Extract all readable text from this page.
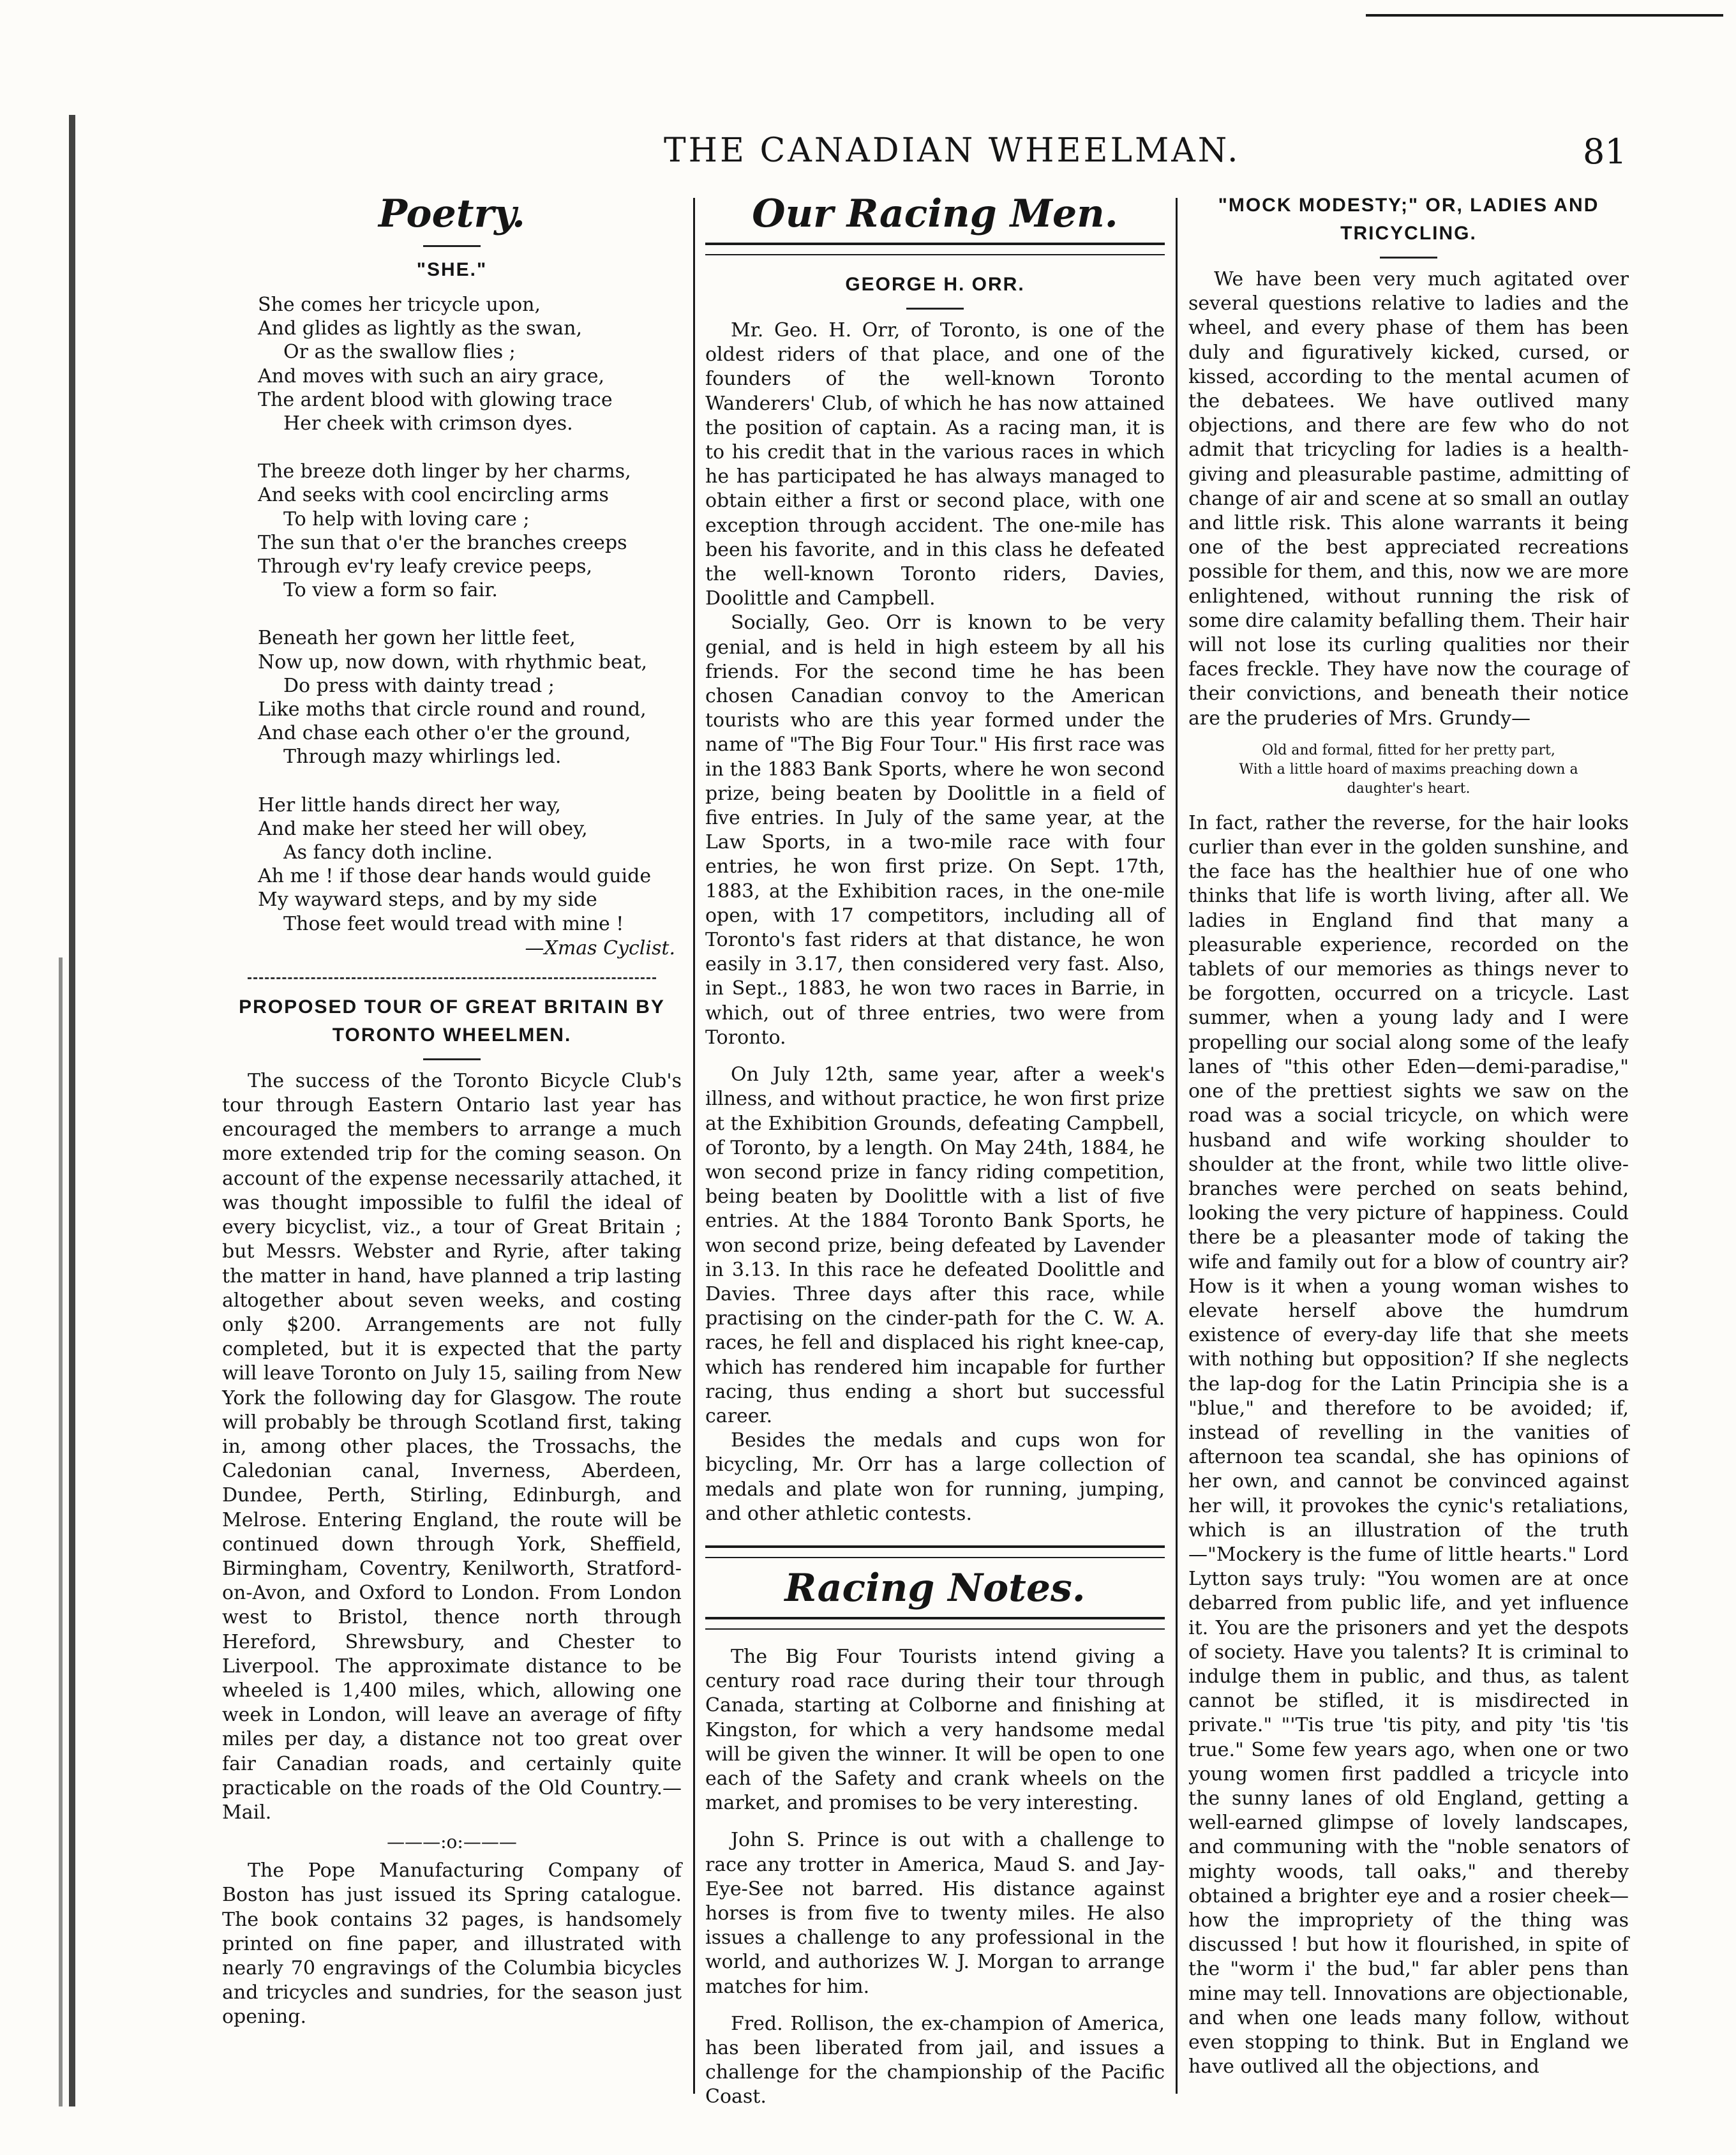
THE CANADIAN WHEELMAN.	81
Poetry.
"SHE."
She comes her tricycle upon,
And glides as lightly as the swan,
Or as the swallow flies ;
And moves with such an airy grace,
The ardent blood with glowing trace
Her cheek with crimson dyes.
The breeze doth linger by her charms,
And seeks with cool encircling arms
To help with loving care ;
The sun that o'er the branches creeps
Through ev'ry leafy crevice peeps,
To view a form so fair.
Beneath her gown her little feet,
Now up, now down, with rhythmic beat,
Do press with dainty tread ;
Like moths that circle round and round,
And chase each other o'er the ground,
Through mazy whirlings led.
Her little hands direct her way,
And make her steed her will obey,
As fancy doth incline.
Ah me ! if those dear hands would guide
My wayward steps, and by my side
Those feet would tread with mine !
—Xmas Cyclist.
PROPOSED TOUR OF GREAT BRITAIN BY TORONTO WHEELMEN.

The success of the Toronto Bicycle Club's tour through Eastern Ontario last year has encouraged the members to arrange a much more extended trip for the coming season. On account of the expense necessarily attached, it was thought impossible to fulfil the ideal of every bicyclist, viz., a tour of Great Britain ; but Messrs. Webster and Ryrie, after taking the matter in hand, have planned a trip lasting altogether about seven weeks, and costing only $200. Arrangements are not fully completed, but it is expected that the party will leave Toronto on July 15, sailing from New York the following day for Glasgow. The route will probably be through Scotland first, taking in, among other places, the Trossachs, the Caledonian canal, Inverness, Aberdeen, Dundee, Perth, Stirling, Edinburgh, and Melrose. Entering England, the route will be continued down through York, Sheffield, Birmingham, Coventry, Kenilworth, Stratford-on-Avon, and Oxford to London. From London west to Bristol, thence north through Hereford, Shrewsbury, and Chester to Liverpool. The approximate distance to be wheeled is 1,400 miles, which, allowing one week in London, will leave an average of fifty miles per day, a distance not too great over fair Canadian roads, and certainly quite practicable on the roads of the Old Country.—Mail.

———:o:———

The Pope Manufacturing Company of Boston has just issued its Spring catalogue. The book contains 32 pages, is handsomely printed on fine paper, and illustrated with nearly 70 engravings of the Columbia bicycles and tricycles and sundries, for the season just opening.

Our Racing Men.
GEORGE H. ORR.

Mr. Geo. H. Orr, of Toronto, is one of the oldest riders of that place, and one of the founders of the well-known Toronto Wanderers' Club, of which he has now attained the position of captain. As a racing man, it is to his credit that in the various races in which he has participated he has always managed to obtain either a first or second place, with one exception through accident. The one-mile has been his favorite, and in this class he defeated the well-known Toronto riders, Davies, Doolittle and Campbell.

Socially, Geo. Orr is known to be very genial, and is held in high esteem by all his friends. For the second time he has been chosen Canadian convoy to the American tourists who are this year formed under the name of "The Big Four Tour." His first race was in the 1883 Bank Sports, where he won second prize, being beaten by Doolittle in a field of five entries. In July of the same year, at the Law Sports, in a two-mile race with four entries, he won first prize. On Sept. 17th, 1883, at the Exhibition races, in the one-mile open, with 17 competitors, including all of Toronto's fast riders at that distance, he won easily in 3.17, then considered very fast. Also, in Sept., 1883, he won two races in Barrie, in which, out of three entries, two were from Toronto.

On July 12th, same year, after a week's illness, and without practice, he won first prize at the Exhibition Grounds, defeating Campbell, of Toronto, by a length. On May 24th, 1884, he won second prize in fancy riding competition, being beaten by Doolittle with a list of five entries. At the 1884 Toronto Bank Sports, he won second prize, being defeated by Lavender in 3.13. In this race he defeated Doolittle and Davies. Three days after this race, while practising on the cinder-path for the C. W. A. races, he fell and displaced his right knee-cap, which has rendered him incapable for further racing, thus ending a short but successful career.

Besides the medals and cups won for bicycling, Mr. Orr has a large collection of medals and plate won for running, jumping, and other athletic contests.

Racing Notes.

The Big Four Tourists intend giving a century road race during their tour through Canada, starting at Colborne and finishing at Kingston, for which a very handsome medal will be given the winner. It will be open to one each of the Safety and crank wheels on the market, and promises to be very interesting.

John S. Prince is out with a challenge to race any trotter in America, Maud S. and Jay-Eye-See not barred. His distance against horses is from five to twenty miles. He also issues a challenge to any professional in the world, and authorizes W. J. Morgan to arrange matches for him.

Fred. Rollison, the ex-champion of America, has been liberated from jail, and issues a challenge for the championship of the Pacific Coast.

"MOCK MODESTY;" OR, LADIES AND TRICYCLING.

We have been very much agitated over several questions relative to ladies and the wheel, and every phase of them has been duly and figuratively kicked, cursed, or kissed, according to the mental acumen of the debatees. We have outlived many objections, and there are few who do not admit that tricycling for ladies is a health-giving and pleasurable pastime, admitting of change of air and scene at so small an outlay and little risk. This alone warrants it being one of the best appreciated recreations possible for them, and this, now we are more enlightened, without running the risk of some dire calamity befalling them. Their hair will not lose its curling qualities nor their faces freckle. They have now the courage of their convictions, and beneath their notice are the pruderies of Mrs. Grundy—

Old and formal, fitted for her pretty part,
With a little hoard of maxims preaching down a
daughter's heart.

In fact, rather the reverse, for the hair looks curlier than ever in the golden sunshine, and the face has the healthier hue of one who thinks that life is worth living, after all. We ladies in England find that many a pleasurable experience, recorded on the tablets of our memories as things never to be forgotten, occurred on a tricycle. Last summer, when a young lady and I were propelling our social along some of the leafy lanes of "this other Eden—demi-paradise," one of the prettiest sights we saw on the road was a social tricycle, on which were husband and wife working shoulder to shoulder at the front, while two little olive-branches were perched on seats behind, looking the very picture of happiness. Could there be a pleasanter mode of taking the wife and family out for a blow of country air? How is it when a young woman wishes to elevate herself above the humdrum existence of every-day life that she meets with nothing but opposition? If she neglects the lap-dog for the Latin Principia she is a "blue," and therefore to be avoided; if, instead of revelling in the vanities of afternoon tea scandal, she has opinions of her own, and cannot be convinced against her will, it provokes the cynic's retaliations, which is an illustration of the truth—"Mockery is the fume of little hearts." Lord Lytton says truly: "You women are at once debarred from public life, and yet influence it. You are the prisoners and yet the despots of society. Have you talents? It is criminal to indulge them in public, and thus, as talent cannot be stifled, it is misdirected in private." "'Tis true 'tis pity, and pity 'tis 'tis true." Some few years ago, when one or two young women first paddled a tricycle into the sunny lanes of old England, getting a well-earned glimpse of lovely landscapes, and communing with the "noble senators of mighty woods, tall oaks," and thereby obtained a brighter eye and a rosier cheek—how the impropriety of the thing was discussed ! but how it flourished, in spite of the "worm i' the bud," far abler pens than mine may tell. Innovations are objectionable, and when one leads many follow, without even stopping to think. But in England we have outlived all the objections, and
